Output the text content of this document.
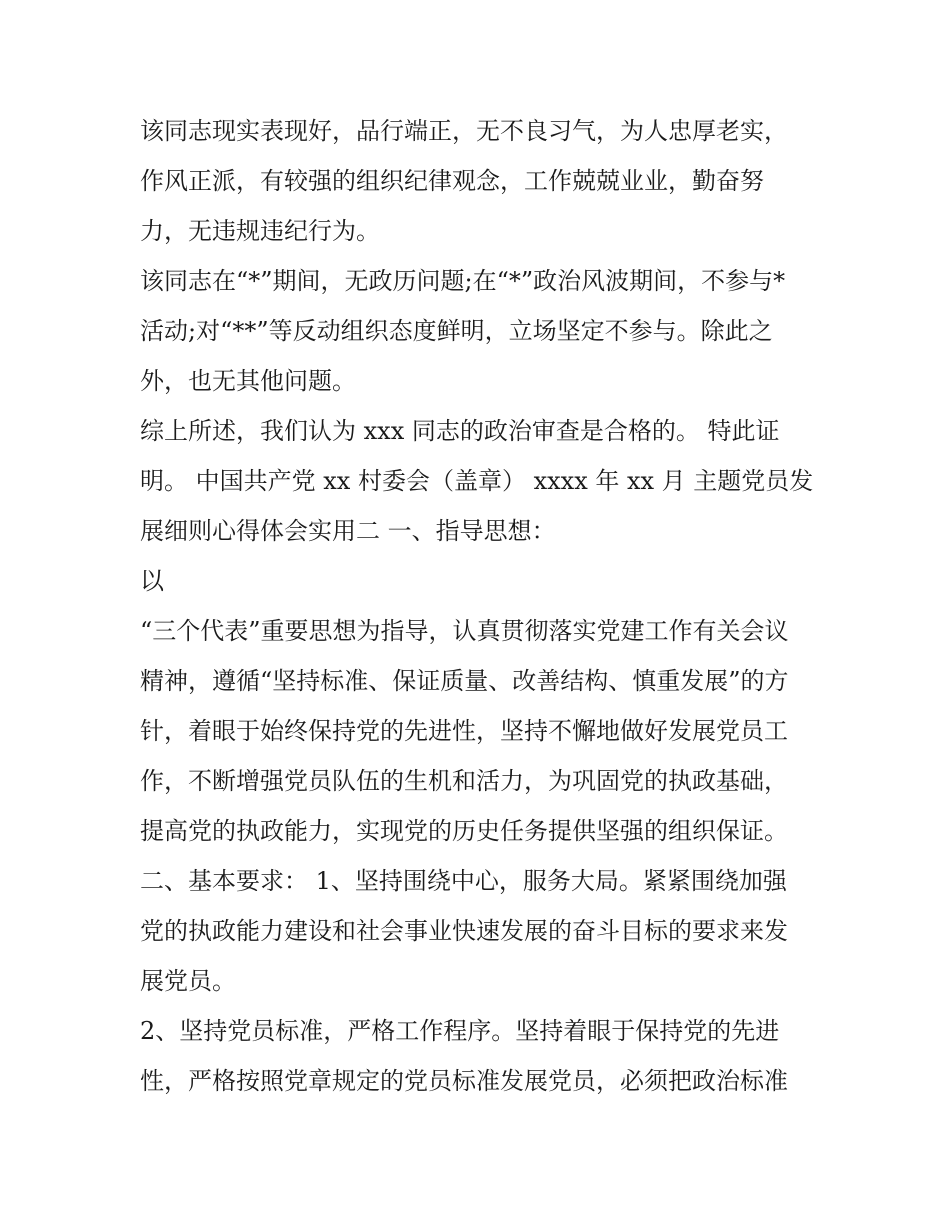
该同志现实表现好，品行端正，无不良习气，为人忠厚老实，
作风正派，有较强的组织纪律观念，工作兢兢业业，勤奋努
力，无违规违纪行为。
该同志在“*”期间，无政历问题;在“*”政治风波期间，不参与*
活动;对“**”等反动组织态度鲜明，立场坚定不参与。除此之
外，也无其他问题。
综上所述，我们认为 xxx 同志的政治审查是合格的。 特此证
明。 中国共产党 xx 村委会（盖章） xxxx 年 xx 月 主题党员发
展细则心得体会实用二 一、指导思想：
以
“三个代表”重要思想为指导，认真贯彻落实党建工作有关会议
精神，遵循“坚持标准、保证质量、改善结构、慎重发展”的方
针，着眼于始终保持党的先进性，坚持不懈地做好发展党员工
作，不断增强党员队伍的生机和活力，为巩固党的执政基础，
提高党的执政能力，实现党的历史任务提供坚强的组织保证。
二、基本要求： 1、坚持围绕中心，服务大局。紧紧围绕加强
党的执政能力建设和社会事业快速发展的奋斗目标的要求来发
展党员。
2、坚持党员标准，严格工作程序。坚持着眼于保持党的先进
性，严格按照党章规定的党员标准发展党员，必须把政治标准
